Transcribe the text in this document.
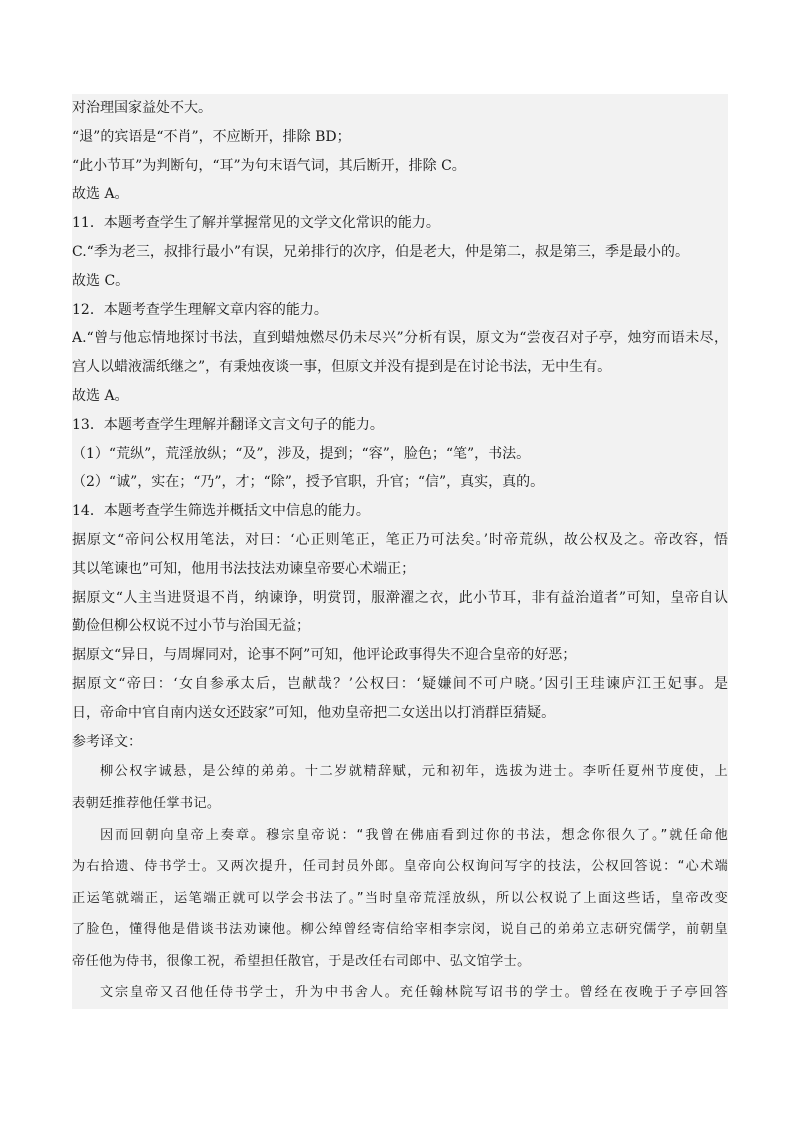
对治理国家益处不大。
“退”的宾语是“不肖”，不应断开，排除 BD；
“此小节耳”为判断句，“耳”为句末语气词，其后断开，排除 C。
故选 A。
11．本题考查学生了解并掌握常见的文学文化常识的能力。
C.“季为老三，叔排行最小”有误，兄弟排行的次序，伯是老大，仲是第二，叔是第三，季是最小的。
故选 C。
12．本题考查学生理解文章内容的能力。
A.“曾与他忘情地探讨书法，直到蜡烛燃尽仍未尽兴”分析有误，原文为“尝夜召对子亭，烛穷而语未尽，
宫人以蜡液濡纸继之”，有秉烛夜谈一事，但原文并没有提到是在讨论书法，无中生有。
故选 A。
13．本题考查学生理解并翻译文言文句子的能力。
（1）“荒纵”，荒淫放纵；“及”，涉及，提到；“容”，脸色；“笔”，书法。
（2）“诚”，实在；“乃”，才；“除”，授予官职，升官；“信”，真实，真的。
14．本题考查学生筛选并概括文中信息的能力。
据原文“帝问公权用笔法，对曰：‘心正则笔正，笔正乃可法矣。’时帝荒纵，故公权及之。帝改容，悟
其以笔谏也”可知，他用书法技法劝谏皇帝要心术端正；
据原文“人主当进贤退不肖，纳谏诤，明赏罚，服澣濯之衣，此小节耳，非有益治道者”可知，皇帝自认
勤俭但柳公权说不过小节与治国无益；
据原文“异日，与周墀同对，论事不阿”可知，他评论政事得失不迎合皇帝的好恶；
据原文“帝曰：‘女自参承太后，岂献哉？’公权曰：‘疑嫌间不可户晓。’因引王珪谏庐江王妃事。是
日，帝命中官自南内送女还跂家”可知，他劝皇帝把二女送出以打消群臣猜疑。
参考译文：
柳公权字诚悬，是公绰的弟弟。十二岁就精辞赋，元和初年，选拔为进士。李听任夏州节度使，上
表朝廷推荐他任掌书记。
因而回朝向皇帝上奏章。穆宗皇帝说：“我曾在佛庙看到过你的书法，想念你很久了。”就任命他
为右拾遗、侍书学士。又两次提升，任司封员外郎。皇帝向公权询问写字的技法，公权回答说：“心术端
正运笔就端正，运笔端正就可以学会书法了。”当时皇帝荒淫放纵，所以公权说了上面这些话，皇帝改变
了脸色，懂得他是借谈书法劝谏他。柳公绰曾经寄信给宰相李宗闵，说自己的弟弟立志研究儒学，前朝皇
帝任他为侍书，很像工祝，希望担任散官，于是改任右司郎中、弘文馆学士。
文宗皇帝又召他任侍书学士，升为中书舍人。充任翰林院写诏书的学士。曾经在夜晚于子亭回答
